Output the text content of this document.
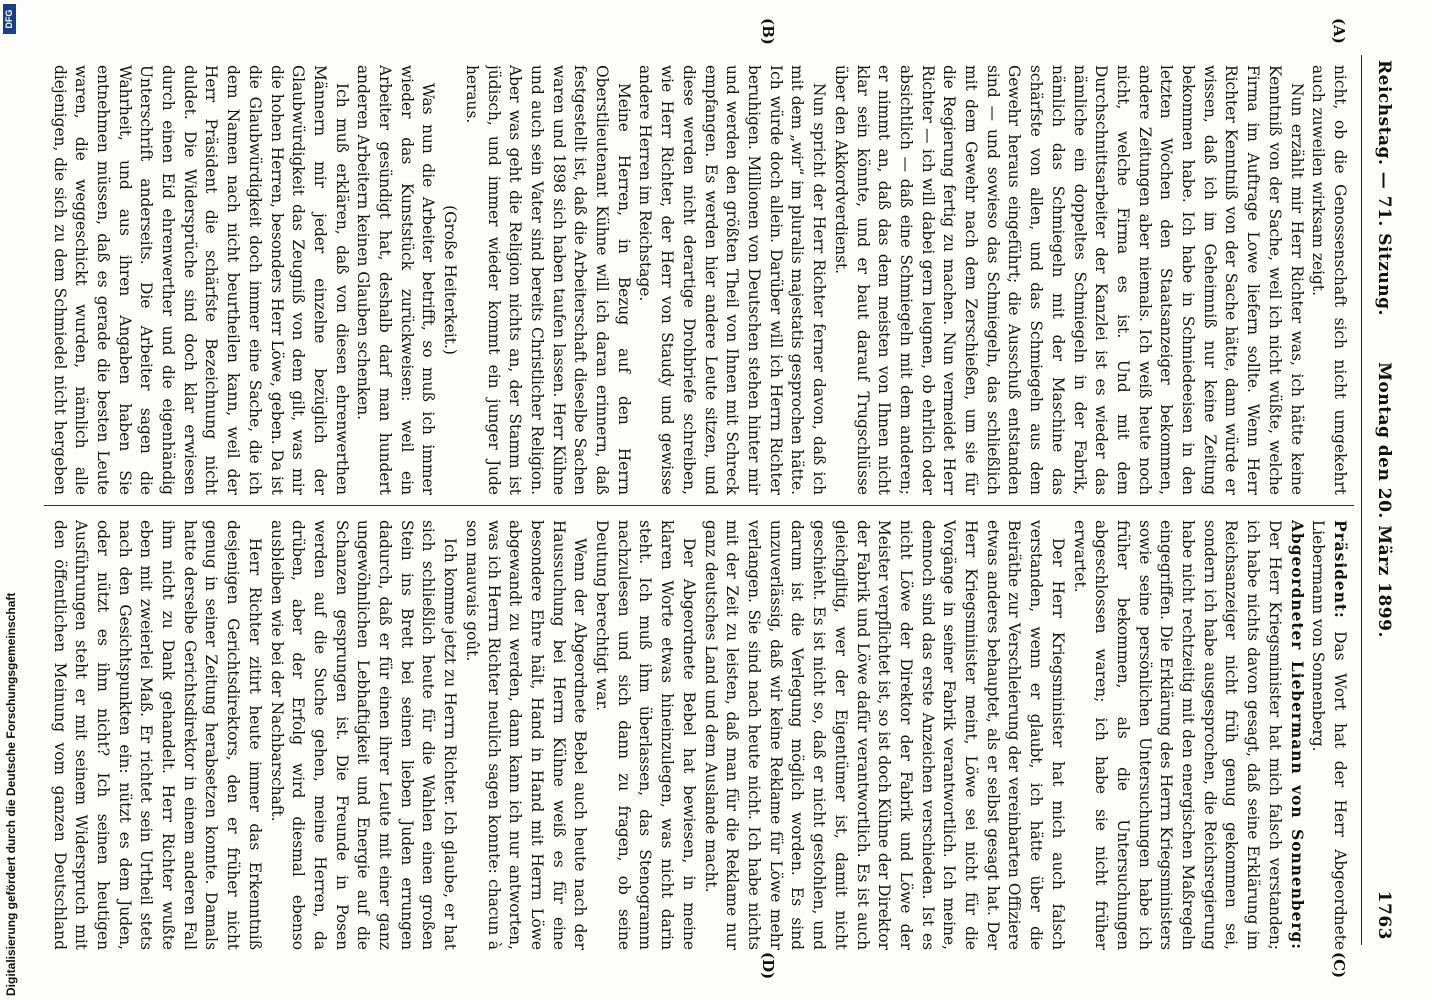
Reichstag. — 71. Sitzung.
Montag den 20. März 1899.
1763
(A)
(B)
(C)
(D)

nicht, ob die Genossenschaft sich nicht umgekehrt auch zuweilen wirksam zeigt.

Nun erzählt mir Herr Richter was, ich hätte keine Kenntniß von der Sache, weil ich nicht wüßte, welche Firma im Auftrage Lowe liefern sollte. Wenn Herr Richter Kenntniß von der Sache hätte, dann würde er wissen, daß ich im Geheimniß nur keine Zeitung bekommen habe. Ich habe in Schmiedeeisen in den letzten Wochen den Staatsanzeiger bekommen, andere Zeitungen aber niemals. Ich weiß heute noch nicht, welche Firma es ist. Und mit dem Durchschnittsarbeiter der Kanzlei ist es wieder das nämliche ein doppeltes Schmiegeln in der Fabrik, nämlich das Schmiegeln mit der Maschine das schärfste von allen, und das Schmiegeln aus dem Gewehr heraus eingeführt; die Ausschuß entstanden sind — und sowieso das Schmiegeln, das schließlich mit dem Gewehr nach dem Zerschießen, um sie für die Regierung fertig zu machen. Nun vermeidet Herr Richter — ich will dabei gern leugnen, ob ehrlich oder absichtlich — daß eine Schmiegeln mit dem anderen; er nimmt an, daß das dem meisten von Ihnen nicht klar sein könnte, und er baut darauf Trugschlüsse über den Akkordverdienst.

Nun spricht der Herr Richter ferner davon, daß ich mit dem „wir“ im pluralis majestatis gesprochen hätte. Ich würde doch allein. Darüber will ich Herrn Richter beruhigen. Millionen von Deutschen stehen hinter mir und werden den größten Theil von Ihnen mit Schreck empfangen. Es werden hier andere Leute sitzen, und diese werden nicht derartige Drohbriefe schreiben, wie Herr Richter, der Herr von Staudy und gewisse andere Herren im Reichstage.

Meine Herren, in Bezug auf den Herrn Oberstlieutenant Kühne will ich daran erinnern, daß festgestellt ist, daß die Arbeiterschaft dieselbe Sachen waren und 1898 sich haben taufen lassen. Herr Kühne und auch sein Vater sind bereits Christlicher Religion. Aber was geht die Religion nichts an, der Stamm ist jüdisch, und immer wieder kommt ein junger Jude heraus.

(Große Heiterkeit.)

Was nun die Arbeiter betrifft, so muß ich immer wieder das Kunststück zurückweisen: weil ein Arbeiter gesündigt hat, deshalb darf man hundert anderen Arbeitern keinen Glauben schenken.

Ich muß erklären, daß von diesen ehrenwerthen Männern mir jeder einzelne bezüglich der Glaubwürdigkeit das Zeugniß von dem gilt, was mir die hohen Herren, besonders Herr Löwe, geben. Da ist die Glaubwürdigkeit doch immer eine Sache, die ich dem Namen nach nicht beurtheilen kann, weil der Herr Präsident die schärfste Bezeichnung nicht duldet. Die Widersprüche sind doch klar erwiesen durch einen Eid ehrenwerther und die eigenhändig Unterschrift anderseits. Die Arbeiter sagen die Wahrheit, und aus ihren Angaben haben Sie entnehmen müssen, daß es gerade die besten Leute waren, die weggeschickt wurden, nämlich alle diejenigen, die sich zu dem Schmiedel nicht hergeben

Präsident: Das Wort hat der Herr Abgeordnete Liebermann von Sonnenberg.

Abgeordneter Liebermann von Sonnenberg: Der Herr Kriegsminister hat mich falsch verstanden; ich habe nichts davon gesagt, daß seine Erklärung im Reichsanzeiger nicht früh genug gekommen sei, sondern ich habe ausgesprochen, die Reichsregierung habe nicht rechtzeitig mit den energischen Maßregeln eingegriffen. Die Erklärung des Herrn Kriegsministers sowie seine persönlichen Untersuchungen habe ich früher bekommen, als die Untersuchungen abgeschlossen waren; ich habe sie nicht früher erwartet.

Der Herr Kriegsminister hat mich auch falsch verstanden, wenn er glaubt, ich hätte über die Beiräthe zur Verschleierung der vereinbarten Offiziere etwas anderes behauptet, als er selbst gesagt hat. Der Herr Kriegsminister meint, Löwe sei nicht für die Vorgänge in seiner Fabrik verantwortlich. Ich meine, dennoch sind das erste Anzeichen verschieden. Ist es nicht Löwe der Direktor der Fabrik und Löwe der Meister verpflichtet ist, so ist doch Kühne der Direktor der Fabrik und Löwe dafür verantwortlich. Es ist auch gleichgiltig, wer der Eigentümer ist, damit nicht geschieht. Es ist nicht so, daß er nicht gestohlen, und darum ist die Verlegung möglich worden. Es sind unzuverlässig, daß wir keine Reklame für Löwe mehr verlangen. Sie sind nach heute nicht. Ich habe nichts mit der Zeit zu leisten, daß man für die Reklame nur ganz deutsches Land und dem Auslande macht.

Der Abgeordnete Bebel hat bewiesen, in meine klaren Worte etwas hineinzulegen, was nicht darin steht. Ich muß ihm überlassen, das Stenogramm nachzulesen und sich dann zu fragen, ob seine Deutung berechtigt war.

Wenn der Abgeordnete Bebel auch heute nach der Haussuchung bei Herrn Kühne weiß es für eine besondere Ehre hält, Hand in Hand mit Herrn Löwe abgewandt zu werden, dann kann ich nur antworten, was ich Herrn Richter neulich sagen konnte: chacun à son mauvais goût.

Ich komme jetzt zu Herrn Richter. Ich glaube, er hat sich schließlich heute für die Wahlen einen großen Stein ins Brett bei seinen lieben Juden errungen dadurch, daß er für einen ihrer Leute mit einer ganz ungewöhnlichen Lebhaftigkeit und Energie auf die Schanzen gesprungen ist. Die Freunde in Posen werden auf die Suche gehen, meine Herren, da drüben, aber der Erfolg wird diesmal ebenso ausbleiben wie bei der Nachbarschaft.

Herr Richter zitirt heute immer das Erkenntniß desjenigen Gerichtsdirektors, den er früher nicht genug in seiner Zeitung herabsetzen konnte. Damals hatte derselbe Gerichtsdirektor in einem anderen Fall ihm nicht zu Dank gehandelt. Herr Richter wußte eben mit zweierlei Maß. Er richtet sein Urtheil stets nach den Gesichtspunkten ein: nützt es dem Juden, oder nützt es ihm nicht? Ich seinen heutigen Ausführungen steht er mit seinem Widerspruch mit den öffentlichen Meinung vom ganzen Deutschland

Digitalisierung gefördert durch die Deutsche Forschungsgemeinschaft
DFG
